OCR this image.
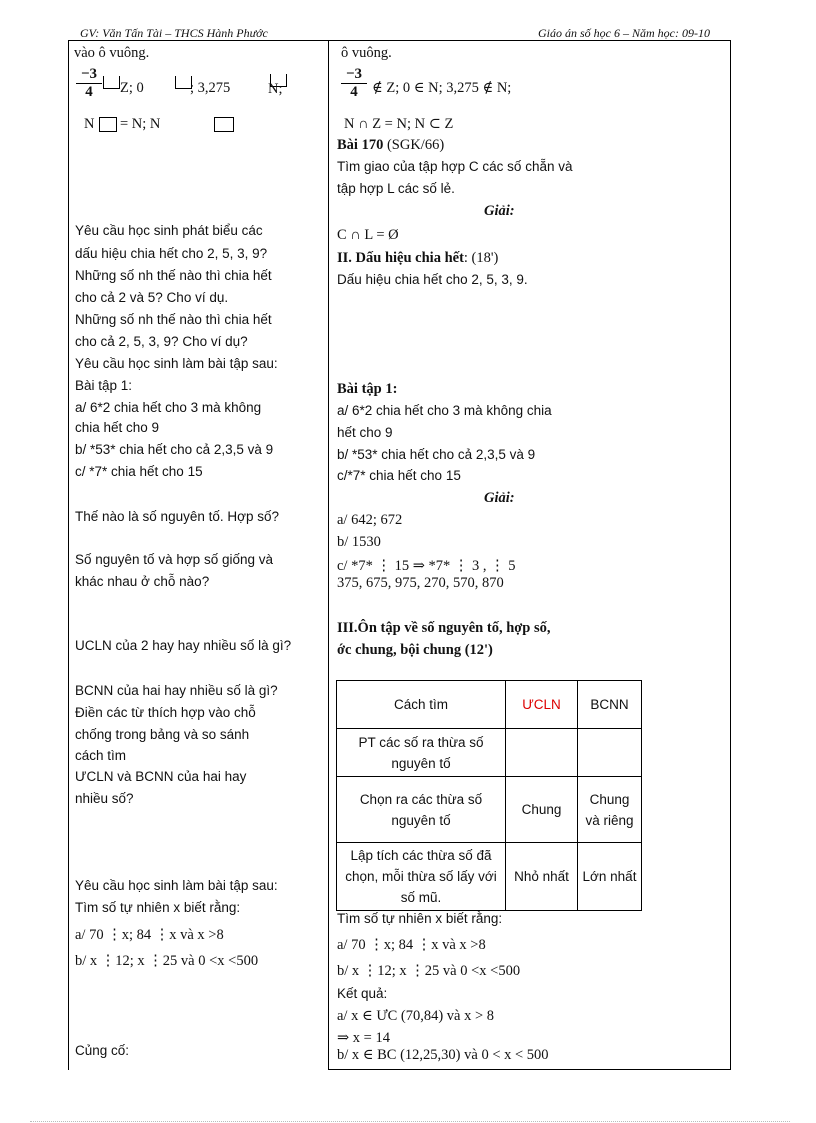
GV: Văn Tấn Tài – THCS Hành Phước	Giáo án số học 6 – Năm học: 09-10
vào ô vuông.
$\frac{-3}{4} Z$; 0	; 3,275	N;
N = N; N
Yêu cầu học sinh phát biểu các
dấu hiệu chia hết cho 2, 5, 3, 9?
Những số nh thế nào thì chia hết
cho cả 2 và 5? Cho ví dụ.
Những số nh thế nào thì chia hết
cho cả 2, 5, 3, 9? Cho ví dụ?
Yêu cầu học sinh làm bài tập sau:
Bài tập 1:
a/ 6*2 chia hết cho 3 mà không
chia hết cho 9
b/ *53* chia hết cho cả 2,3,5 và 9
c/ *7* chia hết cho 15
Thế nào là số nguyên tố. Hợp số?
Số nguyên tố và hợp số giống và
khác nhau ở chỗ nào?
UCLN của 2 hay hay nhiều số là gì?
BCNN của hai hay nhiều số là gì?
Điền các từ thích hợp vào chỗ
chống trong bảng và so sánh
cách tìm
ƯCLN và BCNN của hai hay
nhiều số?
Yêu cầu học sinh làm bài tập sau:
Tìm số tự nhiên x biết rằng:
a/ 70 ⋮x; 84 ⋮x và x >8
b/ x ⋮12; x ⋮25 và 0 <x <500
Củng cố:
ô vuông.
$\frac{-3}{4}$ ∉ Z; 0 ∈ N; 3,275 ∉ N;
N ∩ Z = N; N ⊂ Z
Bài 170 (SGK/66)
Tìm giao của tập hợp C các số chẵn và
tập hợp L các số lẻ.
Giải:
C ∩ L = Ø
II. Dấu hiệu chia hết: (18')
Dấu hiệu chia hết cho 2, 5, 3, 9.
Bài tập 1:
a/ 6*2 chia hết cho 3 mà không chia
hết cho 9
b/ *53* chia hết cho cả 2,3,5 và 9
c/*7* chia hết cho 15
Giải:
a/ 642; 672
b/ 1530
c/ *7* ⋮ 15 ⇒ *7* ⋮ 3 , ⋮ 5
375, 675, 975, 270, 570, 870
III.Ôn tập về số nguyên tố, hợp số,
ớc chung, bội chung (12')
Cách tìm	ƯCLN	BCNN
PT các số ra thừa số nguyên tố		
Chọn ra các thừa số nguyên tố	Chung	Chung và riêng
Lập tích các thừa số đã chọn, mỗi thừa số lấy với số mũ.	Nhỏ nhất	Lớn nhất
Tìm số tự nhiên x biết rằng:
a/ 70 ⋮x; 84 ⋮x và x >8
b/ x ⋮12; x ⋮25 và 0 <x <500
Kết quả:
a/ x ∈ ƯC (70,84) và x > 8
⇒ x = 14
b/ x ∈ BC (12,25,30) và 0 < x < 500
